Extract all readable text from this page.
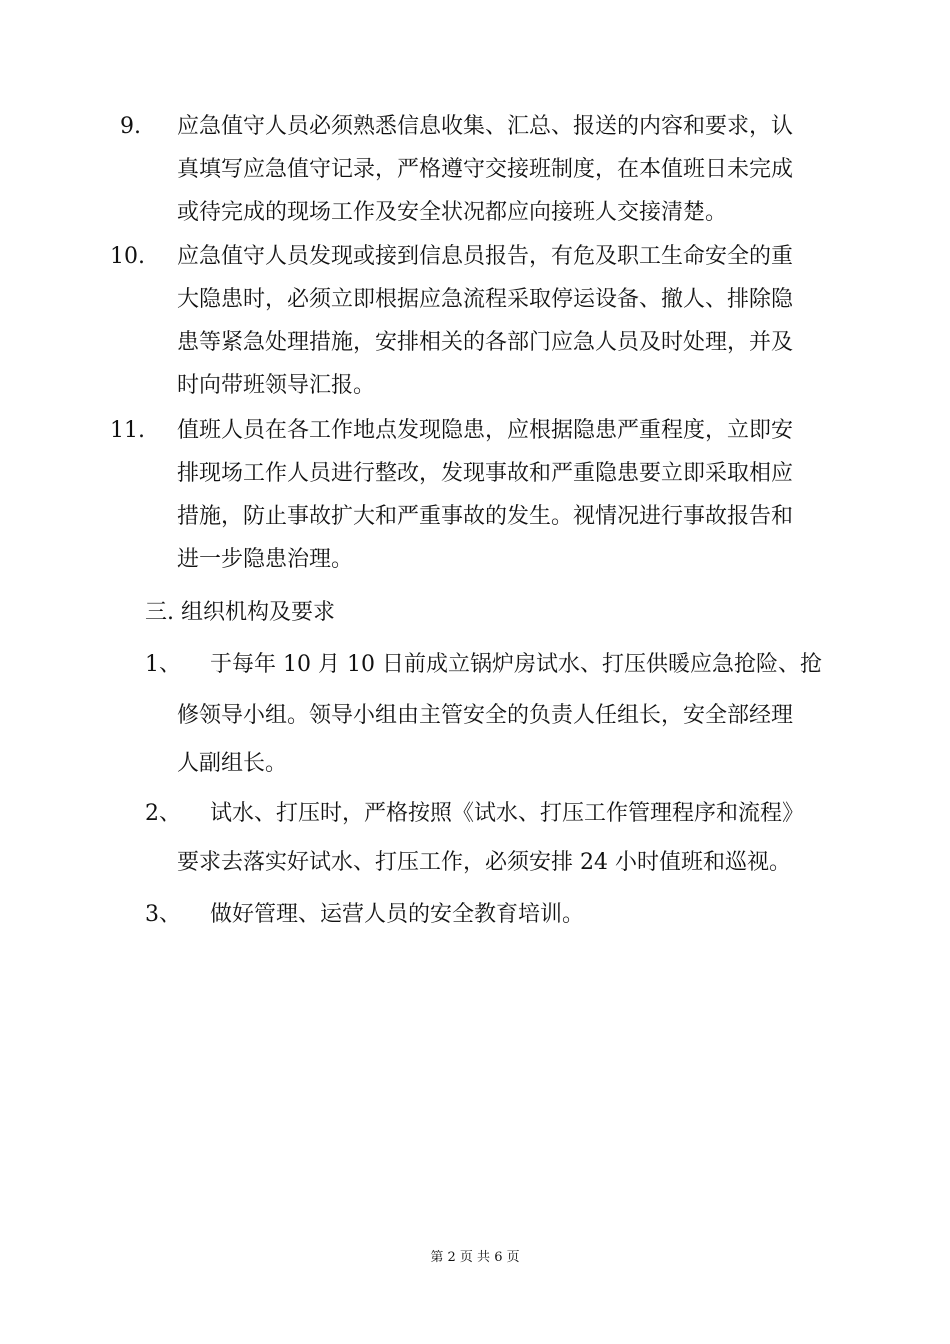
9. 应急值守人员必须熟悉信息收集、汇总、报送的内容和要求，认
真填写应急值守记录，严格遵守交接班制度，在本值班日未完成
或待完成的现场工作及安全状况都应向接班人交接清楚。
10. 应急值守人员发现或接到信息员报告，有危及职工生命安全的重
大隐患时，必须立即根据应急流程采取停运设备、撤人、排除隐
患等紧急处理措施，安排相关的各部门应急人员及时处理，并及
时向带班领导汇报。
11. 值班人员在各工作地点发现隐患，应根据隐患严重程度，立即安
排现场工作人员进行整改，发现事故和严重隐患要立即采取相应
措施，防止事故扩大和严重事故的发生。视情况进行事故报告和
进一步隐患治理。
三. 组织机构及要求
1、 于每年 10 月 10 日前成立锅炉房试水、打压供暖应急抢险、抢
修领导小组。领导小组由主管安全的负责人任组长，安全部经理
人副组长。
2、 试水、打压时，严格按照《试水、打压工作管理程序和流程》
要求去落实好试水、打压工作，必须安排 24 小时值班和巡视。
3、 做好管理、运营人员的安全教育培训。
第 2 页 共 6 页
